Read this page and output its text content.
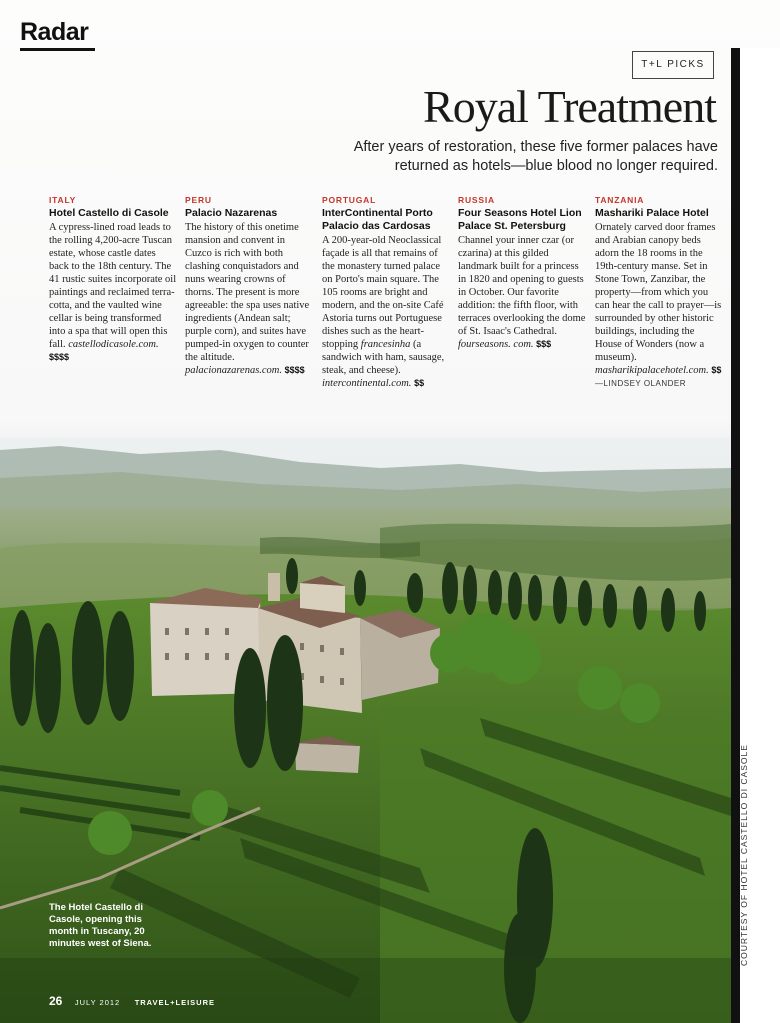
Radar
T+L PICKS
Royal Treatment
After years of restoration, these five former palaces have returned as hotels—blue blood no longer required.
ITALY
Hotel Castello di Casole
A cypress-lined road leads to the rolling 4,200-acre Tuscan estate, whose castle dates back to the 18th century. The 41 rustic suites incorporate oil paintings and reclaimed terra-cotta, and the vaulted wine cellar is being transformed into a spa that will open this fall. castellodicasole.com. $$$$
PERU
Palacio Nazarenas
The history of this onetime mansion and convent in Cuzco is rich with both clashing conquistadors and nuns wearing crowns of thorns. The present is more agreeable: the spa uses native ingredients (Andean salt; purple corn), and suites have pumped-in oxygen to counter the altitude. palacionazarenas.com. $$$$
PORTUGAL
InterContinental Porto Palacio das Cardosas
A 200-year-old Neoclassical façade is all that remains of the monastery turned palace on Porto's main square. The 105 rooms are bright and modern, and the on-site Café Astoria turns out Portuguese dishes such as the heart-stopping francesinha (a sandwich with ham, sausage, steak, and cheese). intercontinental.com. $$
RUSSIA
Four Seasons Hotel Lion Palace St. Petersburg
Channel your inner czar (or czarina) at this gilded landmark built for a princess in 1820 and opening to guests in October. Our favorite addition: the fifth floor, with terraces overlooking the dome of St. Isaac's Cathedral. fourseasons. com. $$$
TANZANIA
Mashariki Palace Hotel
Ornately carved door frames and Arabian canopy beds adorn the 18 rooms in the 19th-century manse. Set in Stone Town, Zanzibar, the property—from which you can hear the call to prayer—is surrounded by other historic buildings, including the House of Wonders (now a museum). masharikipalacehotel.com. $$ —LINDSEY OLANDER
The Hotel Castello di Casole, opening this month in Tuscany, 20 minutes west of Siena.
26 JULY 2012 TRAVEL+LEISURE
COURTESY OF HOTEL CASTELLO DI CASOLE
